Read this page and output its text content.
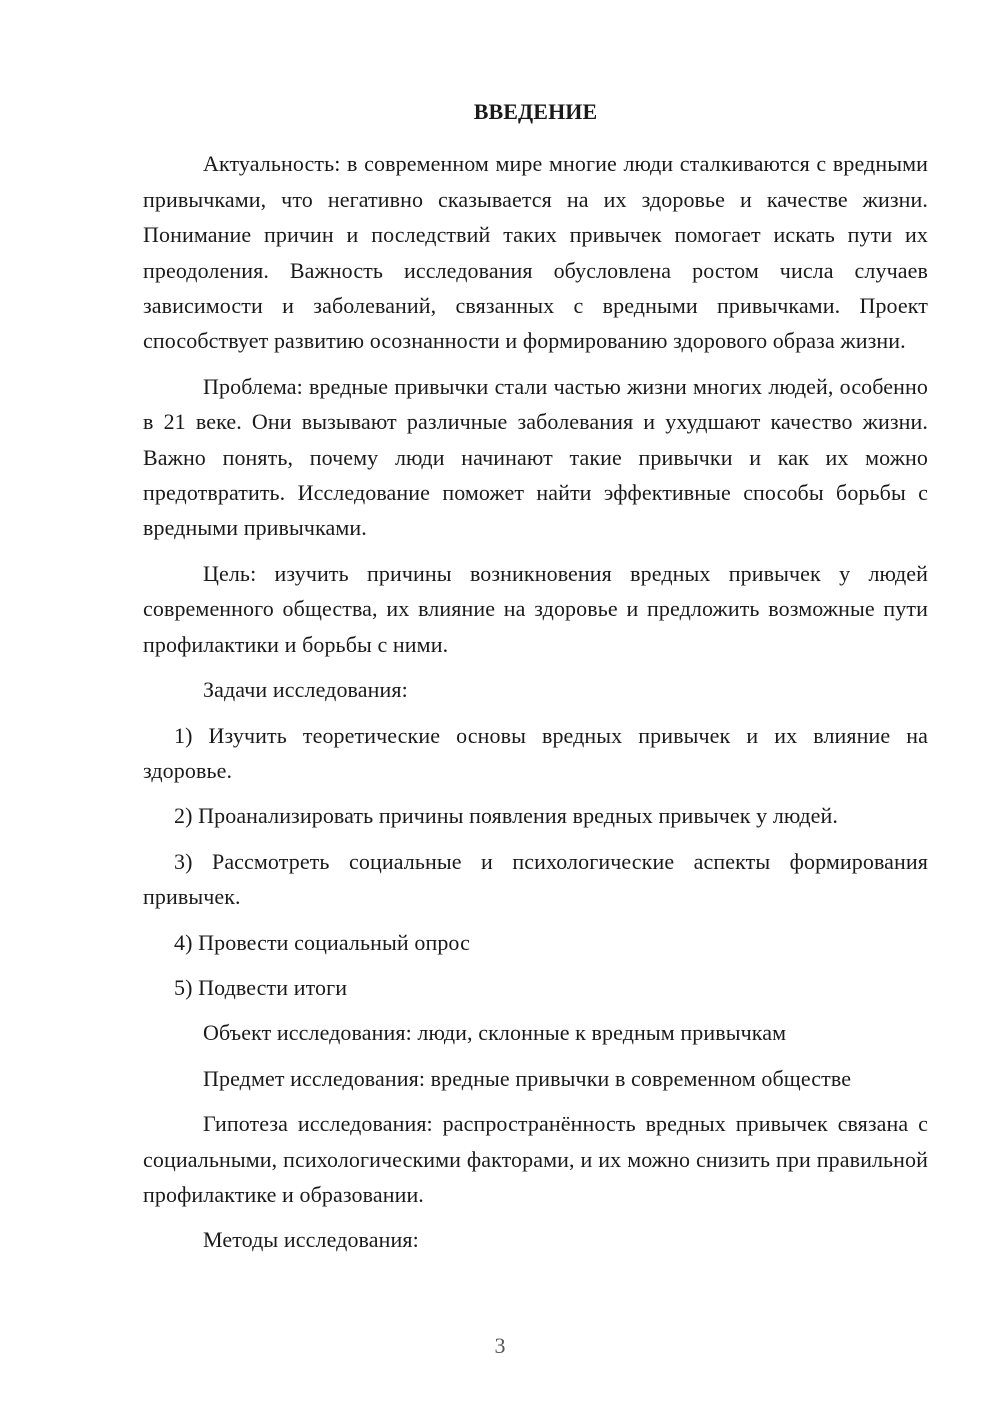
ВВЕДЕНИЕ

Актуальность: в современном мире многие люди сталкиваются с вредными привычками, что негативно сказывается на их здоровье и качестве жизни. Понимание причин и последствий таких привычек помогает искать пути их преодоления. Важность исследования обусловлена ростом числа случаев зависимости и заболеваний, связанных с вредными привычками. Проект способствует развитию осознанности и формированию здорового образа жизни.

Проблема: вредные привычки стали частью жизни многих людей, особенно в 21 веке. Они вызывают различные заболевания и ухудшают качество жизни. Важно понять, почему люди начинают такие привычки и как их можно предотвратить. Исследование поможет найти эффективные способы борьбы с вредными привычками.

Цель: изучить причины возникновения вредных привычек у людей современного общества, их влияние на здоровье и предложить возможные пути профилактики и борьбы с ними.

Задачи исследования:

1) Изучить теоретические основы вредных привычек и их влияние на здоровье.

2) Проанализировать причины появления вредных привычек у людей.

3) Рассмотреть социальные и психологические аспекты формирования привычек.

4) Провести социальный опрос

5) Подвести итоги

Объект исследования: люди, склонные к вредным привычкам

Предмет исследования: вредные привычки в современном обществе

Гипотеза исследования: распространённость вредных привычек связана с социальными, психологическими факторами, и их можно снизить при правильной профилактике и образовании.

Методы исследования:

3
